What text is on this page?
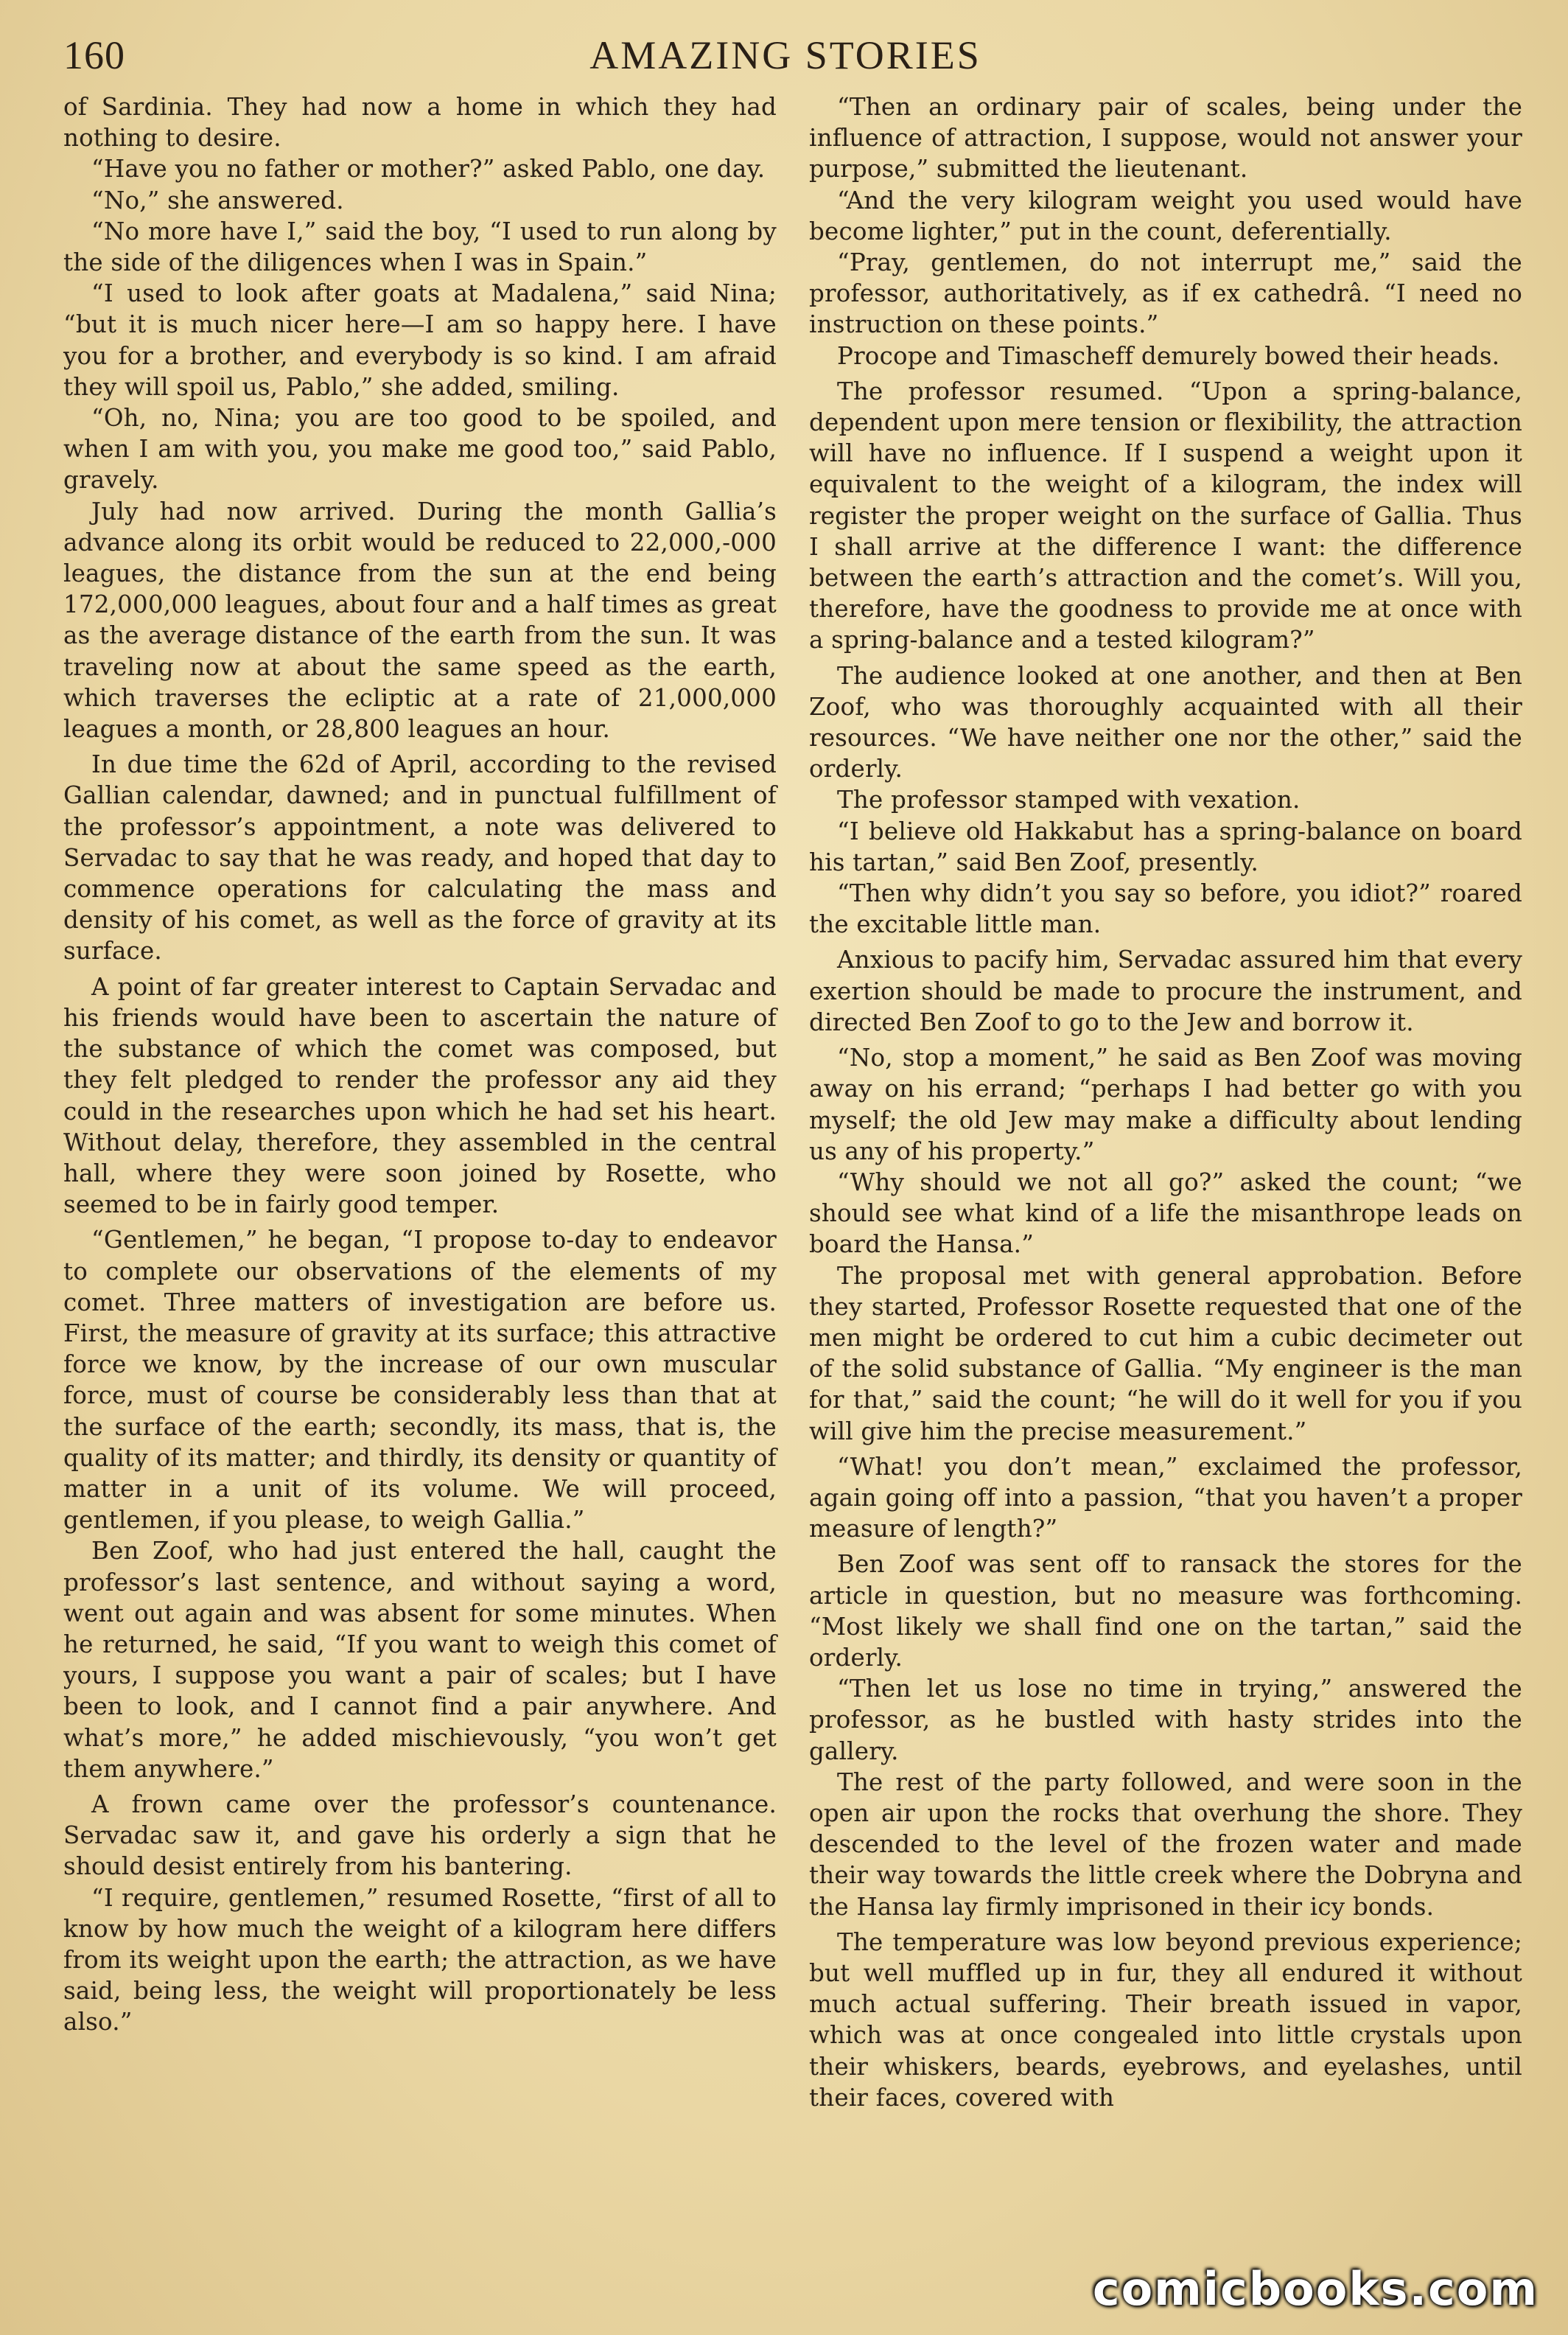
160	AMAZING STORIES

of Sardinia. They had now a home in which they had nothing to desire.

“Have you no father or mother?” asked Pablo, one day.

“No,” she answered.

“No more have I,” said the boy, “I used to run along by the side of the diligences when I was in Spain.”

“I used to look after goats at Madalena,” said Nina; “but it is much nicer here—I am so happy here. I have you for a brother, and everybody is so kind. I am afraid they will spoil us, Pablo,” she added, smiling.

“Oh, no, Nina; you are too good to be spoiled, and when I am with you, you make me good too,” said Pablo, gravely.

July had now arrived. During the month Gallia’s advance along its orbit would be reduced to 22,000,-000 leagues, the distance from the sun at the end being 172,000,000 leagues, about four and a half times as great as the average distance of the earth from the sun. It was traveling now at about the same speed as the earth, which traverses the ecliptic at a rate of 21,000,000 leagues a month, or 28,800 leagues an hour.

In due time the 62d of April, according to the revised Gallian calendar, dawned; and in punctual fulfillment of the professor’s appointment, a note was delivered to Servadac to say that he was ready, and hoped that day to commence operations for calculating the mass and density of his comet, as well as the force of gravity at its surface.

A point of far greater interest to Captain Servadac and his friends would have been to ascertain the nature of the substance of which the comet was composed, but they felt pledged to render the professor any aid they could in the researches upon which he had set his heart. Without delay, therefore, they assembled in the central hall, where they were soon joined by Rosette, who seemed to be in fairly good temper.

“Gentlemen,” he began, “I propose to-day to endeavor to complete our observations of the elements of my comet. Three matters of investigation are before us. First, the measure of gravity at its surface; this attractive force we know, by the increase of our own muscular force, must of course be considerably less than that at the surface of the earth; secondly, its mass, that is, the quality of its matter; and thirdly, its density or quantity of matter in a unit of its volume. We will proceed, gentlemen, if you please, to weigh Gallia.”

Ben Zoof, who had just entered the hall, caught the professor’s last sentence, and without saying a word, went out again and was absent for some minutes. When he returned, he said, “If you want to weigh this comet of yours, I suppose you want a pair of scales; but I have been to look, and I cannot find a pair anywhere. And what’s more,” he added mischievously, “you won’t get them anywhere.”

A frown came over the professor’s countenance. Servadac saw it, and gave his orderly a sign that he should desist entirely from his bantering.

“I require, gentlemen,” resumed Rosette, “first of all to know by how much the weight of a kilogram here differs from its weight upon the earth; the attraction, as we have said, being less, the weight will proportionately be less also.”

“Then an ordinary pair of scales, being under the influence of attraction, I suppose, would not answer your purpose,” submitted the lieutenant.

“And the very kilogram weight you used would have become lighter,” put in the count, deferentially.

“Pray, gentlemen, do not interrupt me,” said the professor, authoritatively, as if ex cathedrâ. “I need no instruction on these points.”

Procope and Timascheff demurely bowed their heads.

The professor resumed. “Upon a spring-balance, dependent upon mere tension or flexibility, the attraction will have no influence. If I suspend a weight upon it equivalent to the weight of a kilogram, the index will register the proper weight on the surface of Gallia. Thus I shall arrive at the difference I want: the difference between the earth’s attraction and the comet’s. Will you, therefore, have the goodness to provide me at once with a spring-balance and a tested kilogram?”

The audience looked at one another, and then at Ben Zoof, who was thoroughly acquainted with all their resources. “We have neither one nor the other,” said the orderly.

The professor stamped with vexation.

“I believe old Hakkabut has a spring-balance on board his tartan,” said Ben Zoof, presently.

“Then why didn’t you say so before, you idiot?” roared the excitable little man.

Anxious to pacify him, Servadac assured him that every exertion should be made to procure the instrument, and directed Ben Zoof to go to the Jew and borrow it.

“No, stop a moment,” he said as Ben Zoof was moving away on his errand; “perhaps I had better go with you myself; the old Jew may make a difficulty about lending us any of his property.”

“Why should we not all go?” asked the count; “we should see what kind of a life the misanthrope leads on board the Hansa.”

The proposal met with general approbation. Before they started, Professor Rosette requested that one of the men might be ordered to cut him a cubic decimeter out of the solid substance of Gallia. “My engineer is the man for that,” said the count; “he will do it well for you if you will give him the precise measurement.”

“What! you don’t mean,” exclaimed the professor, again going off into a passion, “that you haven’t a proper measure of length?”

Ben Zoof was sent off to ransack the stores for the article in question, but no measure was forthcoming. “Most likely we shall find one on the tartan,” said the orderly.

“Then let us lose no time in trying,” answered the professor, as he bustled with hasty strides into the gallery.

The rest of the party followed, and were soon in the open air upon the rocks that overhung the shore. They descended to the level of the frozen water and made their way towards the little creek where the Dobryna and the Hansa lay firmly imprisoned in their icy bonds.

The temperature was low beyond previous experience; but well muffled up in fur, they all endured it without much actual suffering. Their breath issued in vapor, which was at once congealed into little crystals upon their whiskers, beards, eyebrows, and eyelashes, until their faces, covered with

comicbooks.com
